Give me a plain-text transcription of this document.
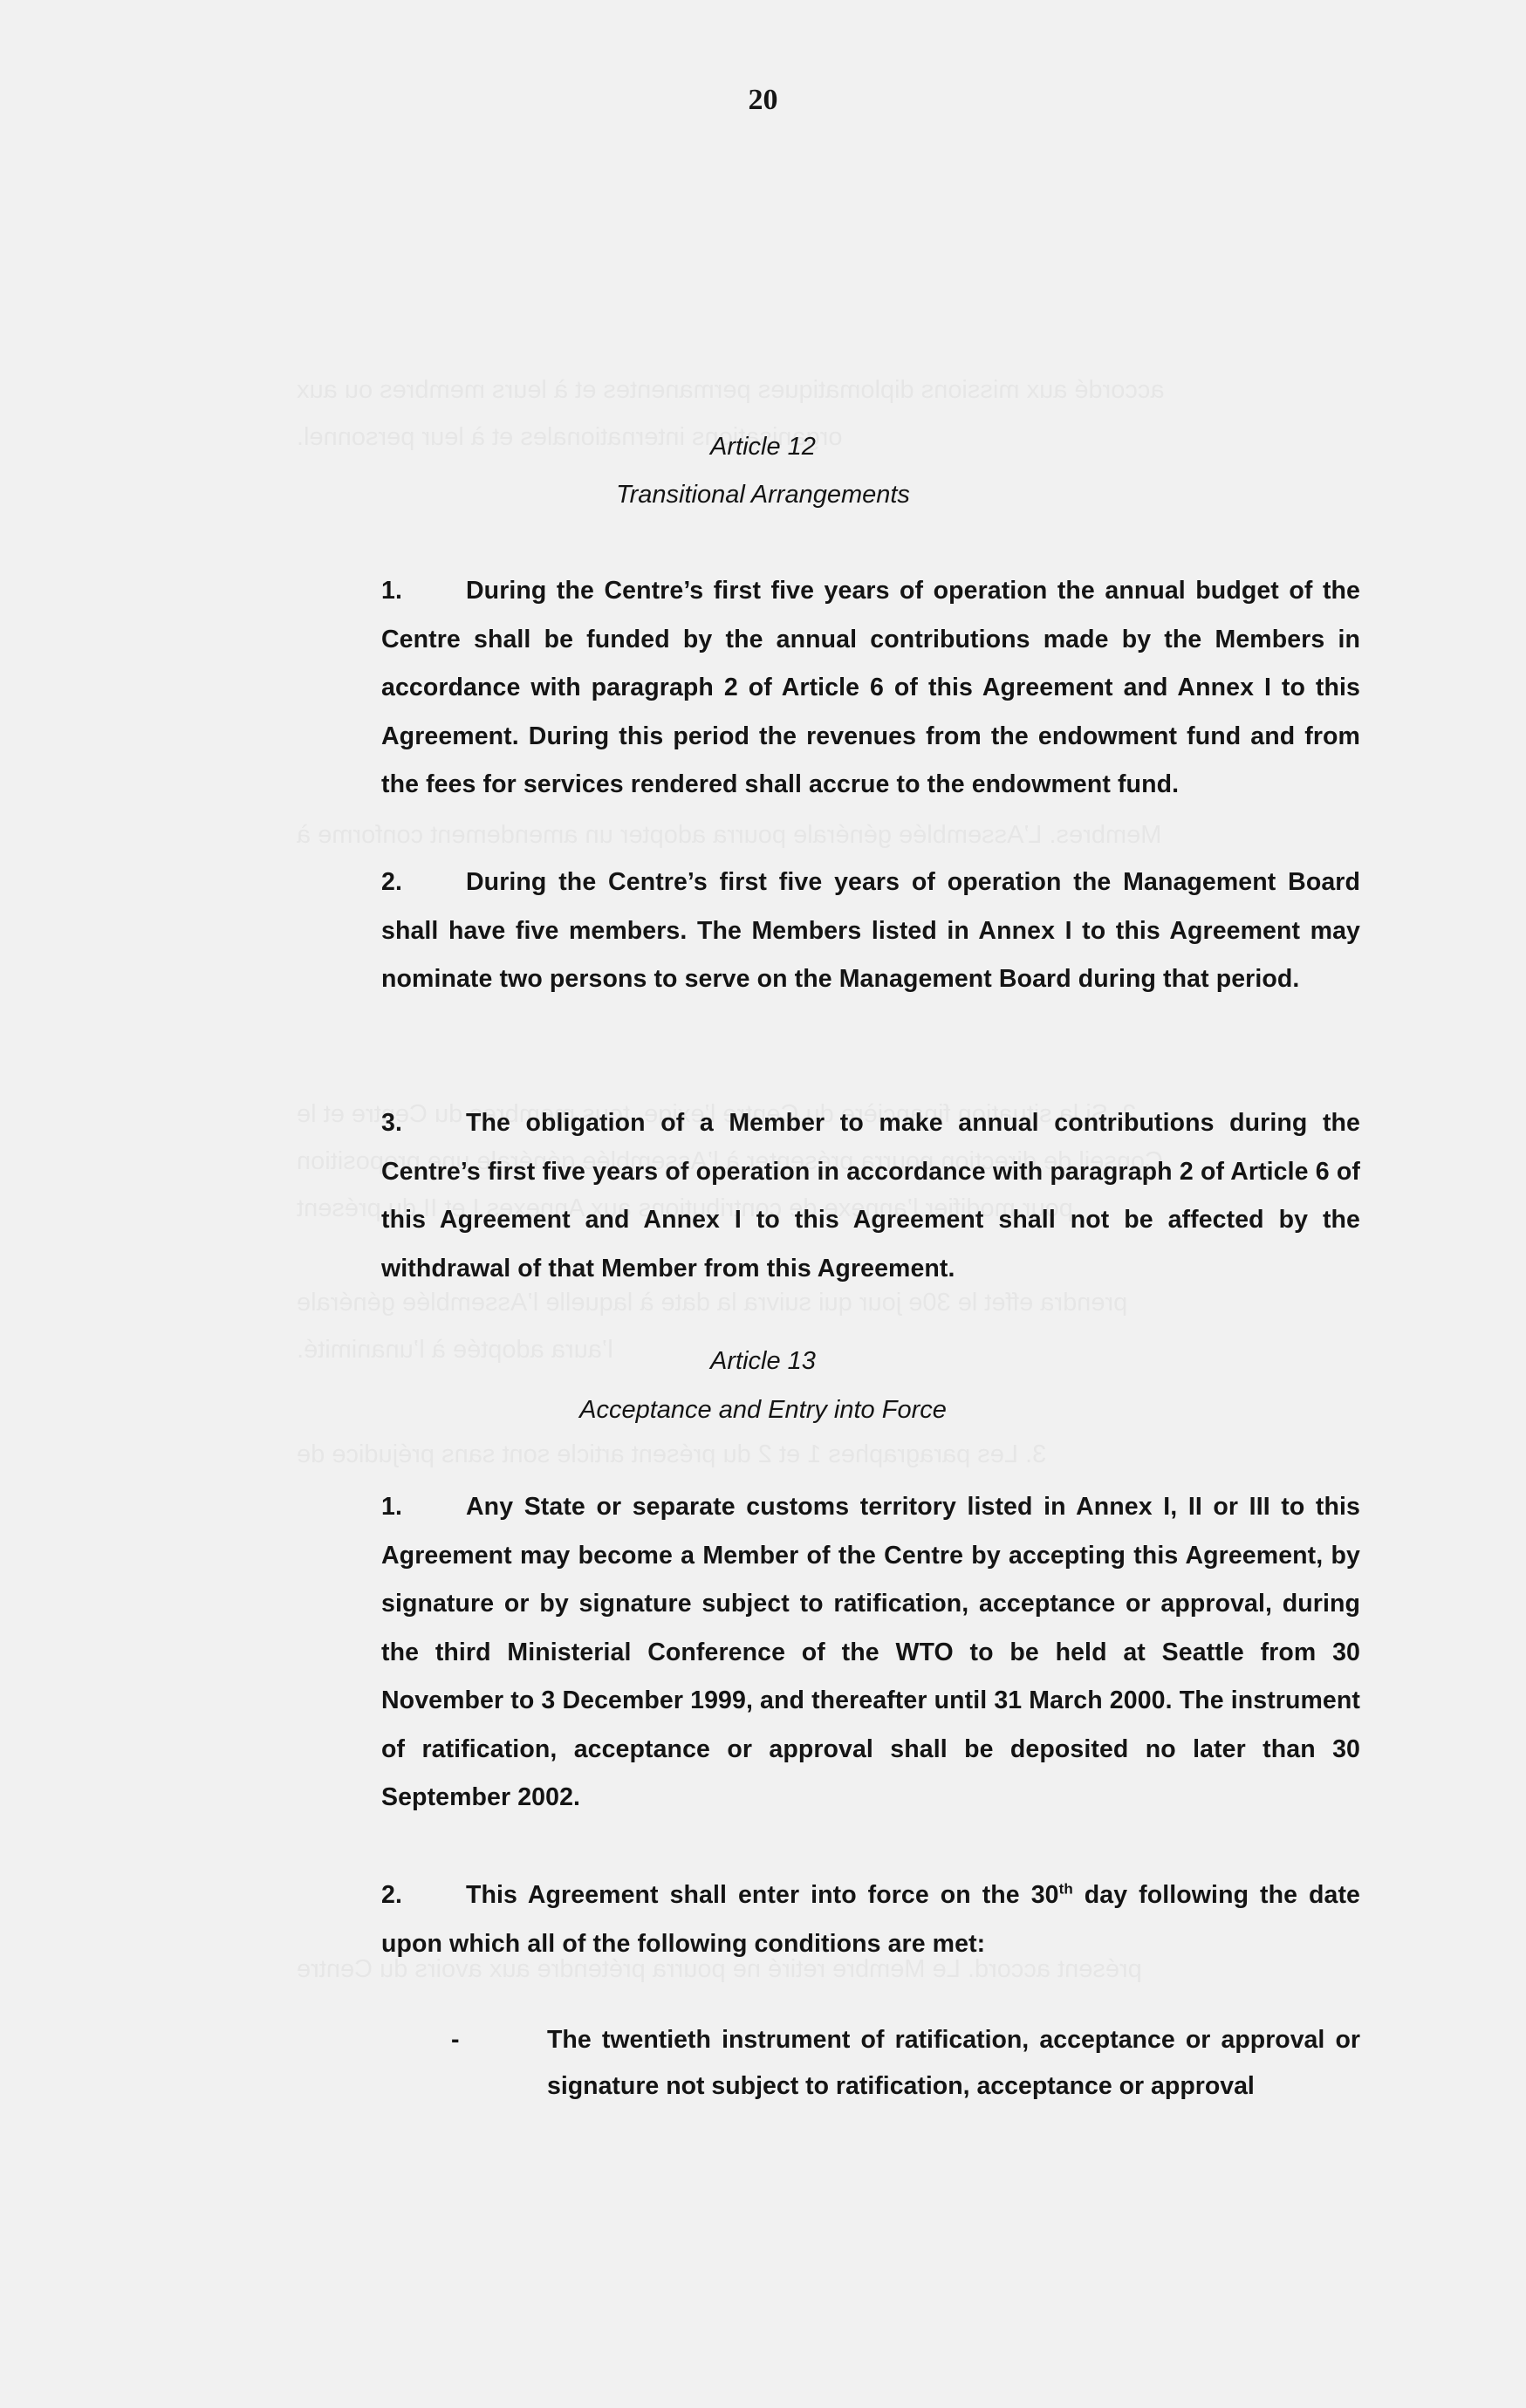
20
Article 12
Transitional Arrangements
1.	During the Centre’s first five years of operation the annual budget of the Centre shall be funded by the annual contributions made by the Members in accordance with paragraph 2 of Article 6 of this Agreement and Annex I to this Agreement. During this period the revenues from the endowment fund and from the fees for services rendered shall accrue to the endowment fund.
2.	During the Centre’s first five years of operation the Management Board shall have five members. The Members listed in Annex I to this Agreement may nominate two persons to serve on the Management Board during that period.
3.	The obligation of a Member to make annual contributions during the Centre’s first five years of operation in accordance with paragraph 2 of Article 6 of this Agreement and Annex I to this Agreement shall not be affected by the withdrawal of that Member from this Agreement.
Article 13
Acceptance and Entry into Force
1.	Any State or separate customs territory listed in Annex I, II or III to this Agreement may become a Member of the Centre by accepting this Agreement, by signature or by signature subject to ratification, acceptance or approval, during the third Ministerial Conference of the WTO to be held at Seattle from 30 November to 3 December 1999, and thereafter until 31 March 2000. The instrument of ratification, acceptance or approval shall be deposited no later than 30 September 2002.
2.	This Agreement shall enter into force on the 30th day following the date upon which all of the following conditions are met:
-	The twentieth instrument of ratification, acceptance or approval or signature not subject to ratification, acceptance or approval
